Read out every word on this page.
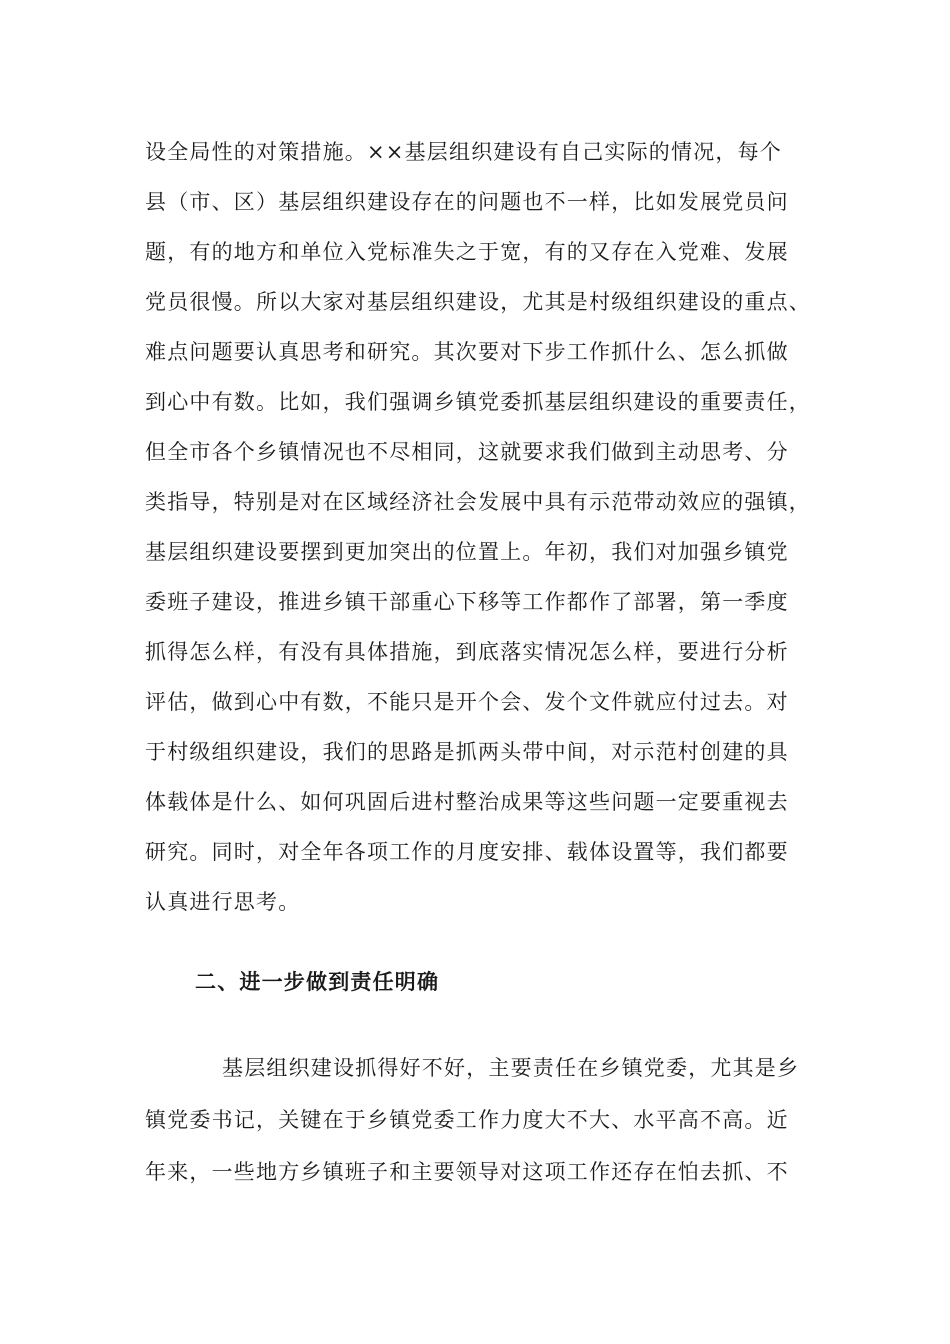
设全局性的对策措施。××基层组织建设有自己实际的情况，每个
县（市、区）基层组织建设存在的问题也不一样，比如发展党员问
题，有的地方和单位入党标准失之于宽，有的又存在入党难、发展
党员很慢。所以大家对基层组织建设，尤其是村级组织建设的重点、
难点问题要认真思考和研究。其次要对下步工作抓什么、怎么抓做
到心中有数。比如，我们强调乡镇党委抓基层组织建设的重要责任，
但全市各个乡镇情况也不尽相同，这就要求我们做到主动思考、分
类指导，特别是对在区域经济社会发展中具有示范带动效应的强镇，
基层组织建设要摆到更加突出的位置上。年初，我们对加强乡镇党
委班子建设，推进乡镇干部重心下移等工作都作了部署，第一季度
抓得怎么样，有没有具体措施，到底落实情况怎么样，要进行分析
评估，做到心中有数，不能只是开个会、发个文件就应付过去。对
于村级组织建设，我们的思路是抓两头带中间，对示范村创建的具
体载体是什么、如何巩固后进村整治成果等这些问题一定要重视去
研究。同时，对全年各项工作的月度安排、载体设置等，我们都要
认真进行思考。
二、进一步做到责任明确
基层组织建设抓得好不好，主要责任在乡镇党委，尤其是乡
镇党委书记，关键在于乡镇党委工作力度大不大、水平高不高。近
年来，一些地方乡镇班子和主要领导对这项工作还存在怕去抓、不
